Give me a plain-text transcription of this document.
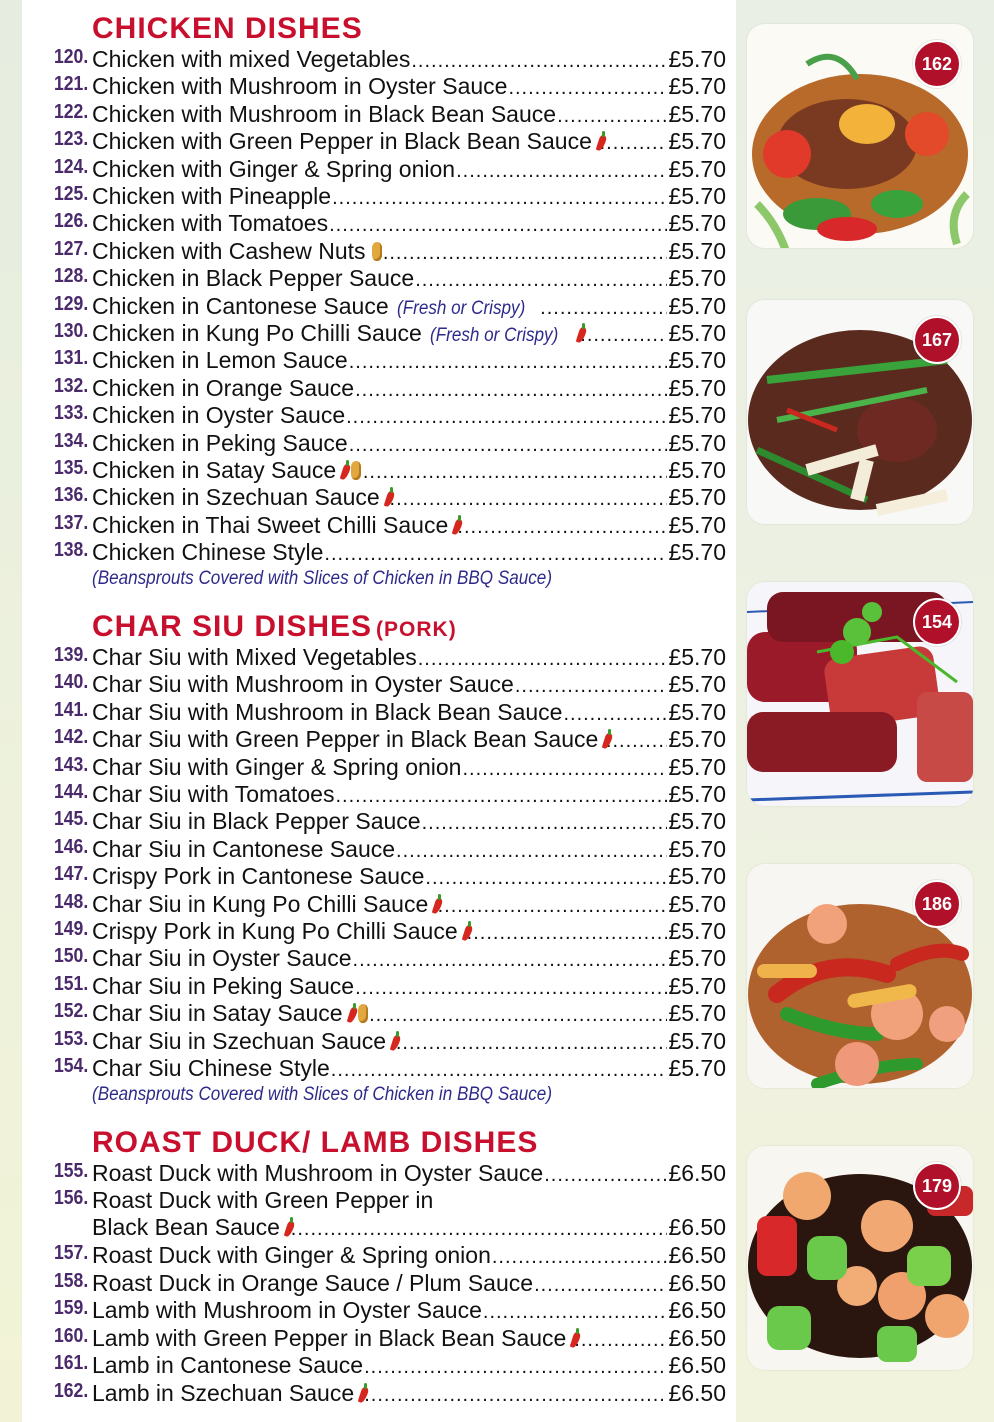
CHICKEN DISHES
120. Chicken with mixed Vegetables .....	£5.70
121. Chicken with Mushroom in Oyster Sauce .....	£5.70
122. Chicken with Mushroom in Black Bean Sauce .....	£5.70
123. Chicken with Green Pepper in Black Bean Sauce .....	£5.70
124. Chicken with Ginger & Spring onion .....	£5.70
125. Chicken with Pineapple .....	£5.70
126. Chicken with Tomatoes .....	£5.70
127. Chicken with Cashew Nuts .....	£5.70
128. Chicken in Black Pepper Sauce .....	£5.70
129. Chicken in Cantonese Sauce (Fresh or Crispy) .....	£5.70
130. Chicken in Kung Po Chilli Sauce (Fresh or Crispy) .....	£5.70
131. Chicken in Lemon Sauce .....	£5.70
132. Chicken in Orange Sauce .....	£5.70
133. Chicken in Oyster Sauce .....	£5.70
134. Chicken in Peking Sauce .....	£5.70
135. Chicken in Satay Sauce .....	£5.70
136. Chicken in Szechuan Sauce .....	£5.70
137. Chicken in Thai Sweet Chilli Sauce .....	£5.70
138. Chicken Chinese Style .....	£5.70
(Beansprouts Covered with Slices of Chicken in BBQ Sauce)
CHAR SIU DISHES (PORK)
139. Char Siu with Mixed Vegetables .....	£5.70
140. Char Siu with Mushroom in Oyster Sauce .....	£5.70
141. Char Siu with Mushroom in Black Bean Sauce .....	£5.70
142. Char Siu with Green Pepper in Black Bean Sauce .....	£5.70
143. Char Siu with Ginger & Spring onion .....	£5.70
144. Char Siu with Tomatoes .....	£5.70
145. Char Siu in Black Pepper Sauce .....	£5.70
146. Char Siu in Cantonese Sauce .....	£5.70
147. Crispy Pork in Cantonese Sauce .....	£5.70
148. Char Siu in Kung Po Chilli Sauce .....	£5.70
149. Crispy Pork in Kung Po Chilli Sauce .....	£5.70
150. Char Siu in Oyster Sauce .....	£5.70
151. Char Siu in Peking Sauce .....	£5.70
152. Char Siu in Satay Sauce .....	£5.70
153. Char Siu in Szechuan Sauce .....	£5.70
154. Char Siu Chinese Style .....	£5.70
(Beansprouts Covered with Slices of Chicken in BBQ Sauce)
ROAST DUCK/ LAMB DISHES
155. Roast Duck with Mushroom in Oyster Sauce .....	£6.50
156. Roast Duck with Green Pepper in
Black Bean Sauce .....	£6.50
157. Roast Duck with Ginger & Spring onion .....	£6.50
158. Roast Duck in Orange Sauce / Plum Sauce .....	£6.50
159. Lamb with Mushroom in Oyster Sauce .....	£6.50
160. Lamb with Green Pepper in Black Bean Sauce .....	£6.50
161. Lamb in Cantonese Sauce .....	£6.50
162. Lamb in Szechuan Sauce .....	£6.50
162
167
154
186
179
